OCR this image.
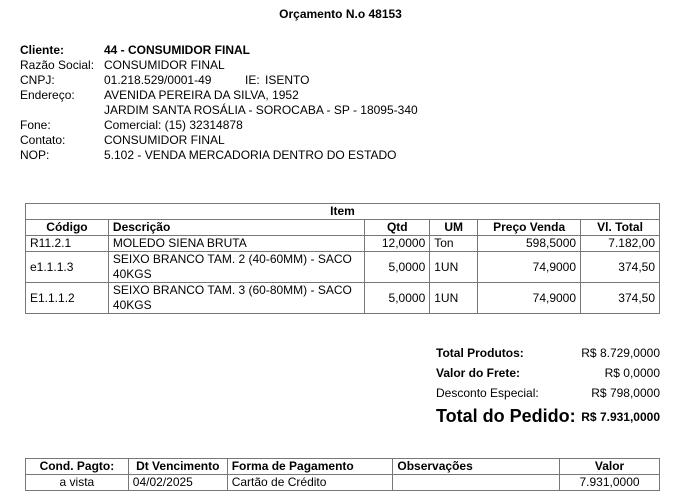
Orçamento N.o 48153
Cliente:	44 - CONSUMIDOR FINAL
Razão Social: CONSUMIDOR FINAL
CNPJ:	01.218.529/0001-49	IE: ISENTO
Endereço: AVENIDA PEREIRA DA SILVA, 1952
JARDIM SANTA ROSÁLIA - SOROCABA - SP - 18095-340
Fone:	Comercial: (15) 32314878
Contato:	CONSUMIDOR FINAL
NOP:	5.102 - VENDA MERCADORIA DENTRO DO ESTADO
Item					
Código	Descrição	Qtd	UM	Preço Venda	Vl. Total
R11.2.1	MOLEDO SIENA BRUTA	12,0000	Ton	598,5000	7.182,00
e1.1.1.3	SEIXO BRANCO TAM. 2 (40-60MM) - SACO 40KGS	5,0000	1UN	74,9000	374,50
E1.1.1.2	SEIXO BRANCO TAM. 3 (60-80MM) - SACO 40KGS	5,0000	1UN	74,9000	374,50
Total Produtos:	R$ 8.729,0000
Valor do Frete:	R$ 0,0000
Desconto Especial:	R$ 798,0000
Total do Pedido: R$ 7.931,0000
Cond. Pagto:	Dt Vencimento	Forma de Pagamento	Observações	Valor
a vista	04/02/2025	Cartão de Crédito		7.931,0000
